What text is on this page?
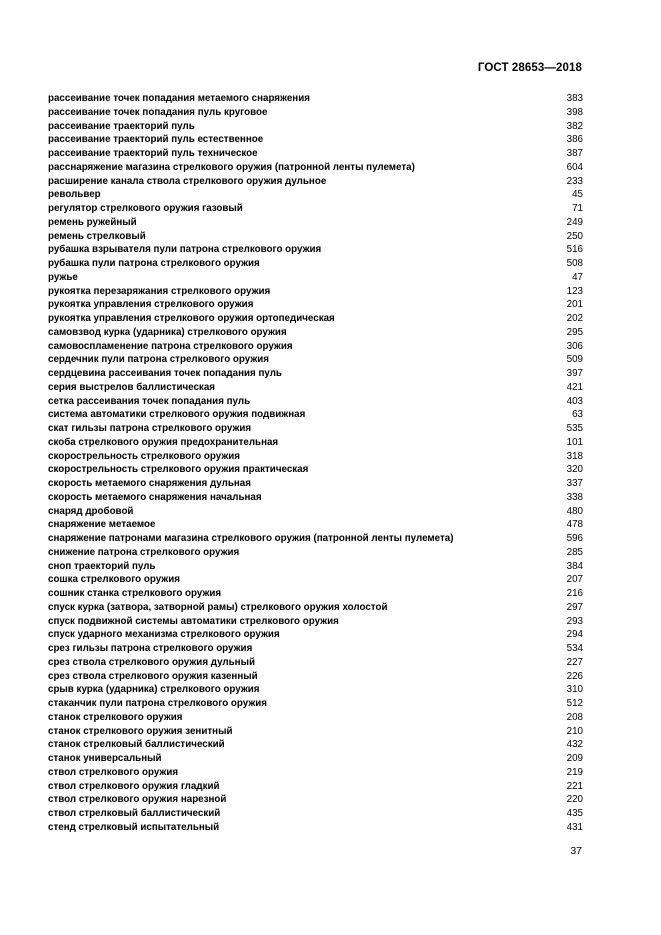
ГОСТ 28653—2018
рассеивание точек попадания метаемого снаряжения	383
рассеивание точек попадания пуль круговое	398
рассеивание траекторий пуль	382
рассеивание траекторий пуль естественное	386
рассеивание траекторий пуль техническое	387
расснаряжение магазина стрелкового оружия (патронной ленты пулемета)	604
расширение канала ствола стрелкового оружия дульное	233
револьвер	45
регулятор стрелкового оружия газовый	71
ремень ружейный	249
ремень стрелковый	250
рубашка взрывателя пули патрона стрелкового оружия	516
рубашка пули патрона стрелкового оружия	508
ружье	47
рукоятка перезаряжания стрелкового оружия	123
рукоятка управления стрелкового оружия	201
рукоятка управления стрелкового оружия ортопедическая	202
самовзвод курка (ударника) стрелкового оружия	295
самовоспламенение патрона стрелкового оружия	306
сердечник пули патрона стрелкового оружия	509
сердцевина рассеивания точек попадания пуль	397
серия выстрелов баллистическая	421
сетка рассеивания точек попадания пуль	403
система автоматики стрелкового оружия подвижная	63
скат гильзы патрона стрелкового оружия	535
скоба стрелкового оружия предохранительная	101
скорострельность стрелкового оружия	318
скорострельность стрелкового оружия практическая	320
скорость метаемого снаряжения дульная	337
скорость метаемого снаряжения начальная	338
снаряд дробовой	480
снаряжение метаемое	478
снаряжение патронами магазина стрелкового оружия (патронной ленты пулемета)	596
снижение патрона стрелкового оружия	285
сноп траекторий пуль	384
сошка стрелкового оружия	207
сошник станка стрелкового оружия	216
спуск курка (затвора, затворной рамы) стрелкового оружия холостой	297
спуск подвижной системы автоматики стрелкового оружия	293
спуск ударного механизма стрелкового оружия	294
срез гильзы патрона стрелкового оружия	534
срез ствола стрелкового оружия дульный	227
срез ствола стрелкового оружия казенный	226
срыв курка (ударника) стрелкового оружия	310
стаканчик пули патрона стрелкового оружия	512
станок стрелкового оружия	208
станок стрелкового оружия зенитный	210
станок стрелковый баллистический	432
станок универсальный	209
ствол стрелкового оружия	219
ствол стрелкового оружия гладкий	221
ствол стрелкового оружия нарезной	220
ствол стрелковый баллистический	435
стенд стрелковый испытательный	431
37
